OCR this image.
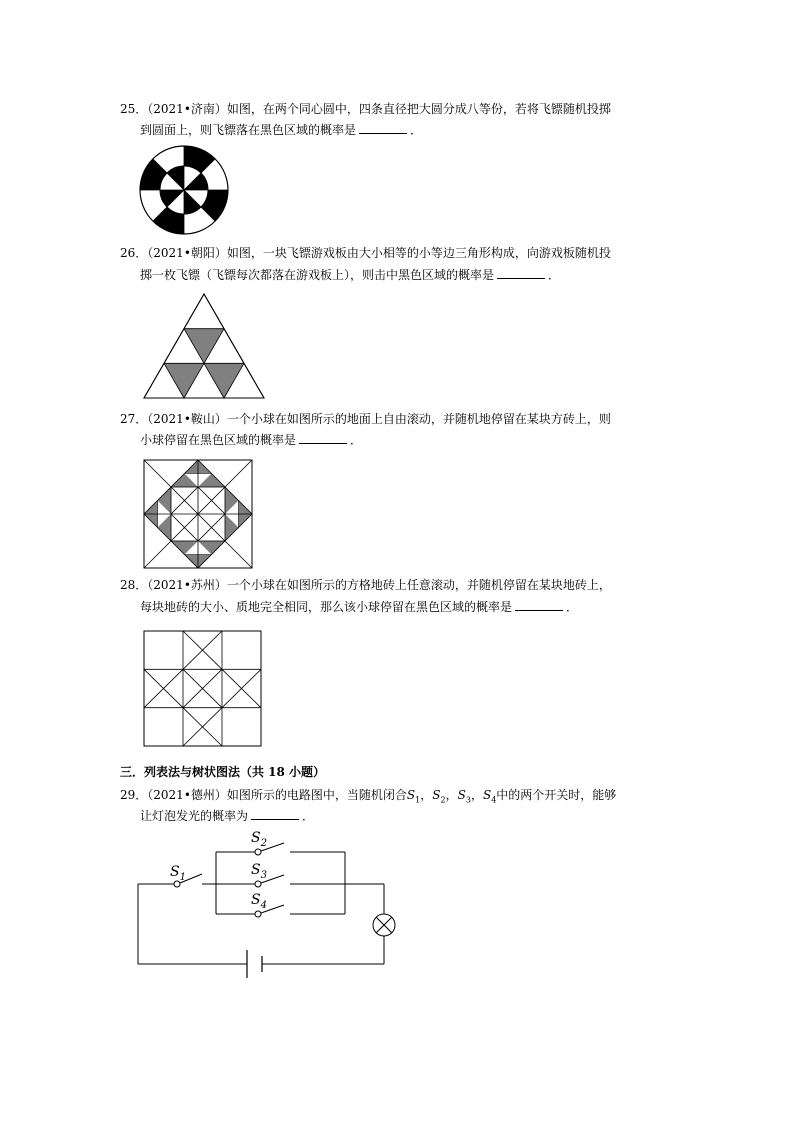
25．（2021•济南）如图，在两个同心圆中，四条直径把大圆分成八等份，若将飞镖随机投掷
到圆面上，则飞镖落在黑色区域的概率是	．
26．（2021•朝阳）如图，一块飞镖游戏板由大小相等的小等边三角形构成，向游戏板随机投
掷一枚飞镖（飞镖每次都落在游戏板上），则击中黑色区域的概率是	．
27．（2021•鞍山）一个小球在如图所示的地面上自由滚动，并随机地停留在某块方砖上，则
小球停留在黑色区域的概率是	．
28．（2021•苏州）一个小球在如图所示的方格地砖上任意滚动，并随机停留在某块地砖上，
每块地砖的大小、质地完全相同，那么该小球停留在黑色区域的概率是	．
三．列表法与树状图法（共 18 小题）
29．（2021•德州）如图所示的电路图中，当随机闭合$S_1$，$S_2$，$S_3$，$S_4$中的两个开关时，能够
让灯泡发光的概率为	．
$S_1$
$S_2$
$S_3$
$S_4$
